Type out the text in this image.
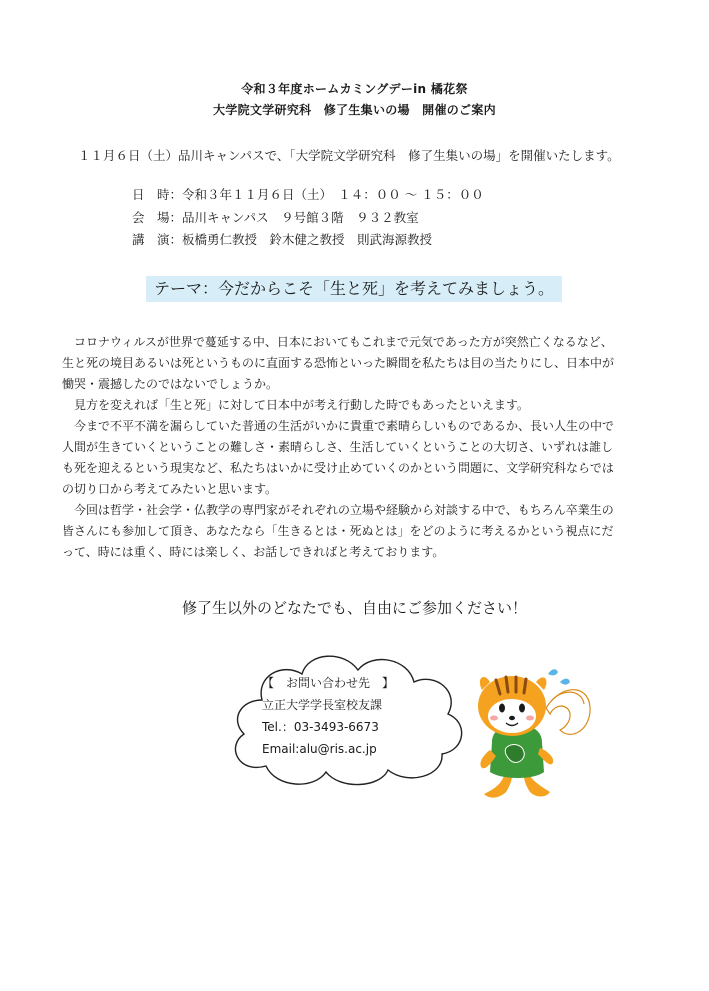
令和３年度ホームカミングデーin 橘花祭
大学院文学研究科　修了生集いの場　開催のご案内
１１月６日（土）品川キャンパスで、「大学院文学研究科　修了生集いの場」を開催いたします。
日　時：令和３年１１月６日（土）　１４：００ ～ １５：００
会　場：品川キャンパス　９号館３階　９３２教室
講　演：板橋勇仁教授　鈴木健之教授　則武海源教授
テーマ：今だからこそ「生と死」を考えてみましょう。

コロナウィルスが世界で蔓延する中、日本においてもこれまで元気であった方が突然亡くなるなど、

生と死の境目あるいは死というものに直面する恐怖といった瞬間を私たちは目の当たりにし、日本中が

慟哭・震撼したのではないでしょうか。

見方を変えれば「生と死」に対して日本中が考え行動した時でもあったといえます。

今まで不平不満を漏らしていた普通の生活がいかに貴重で素晴らしいものであるか、長い人生の中で

人間が生きていくということの難しさ・素晴らしさ、生活していくということの大切さ、いずれは誰し

も死を迎えるという現実など、私たちはいかに受け止めていくのかという問題に、文学研究科ならでは

の切り口から考えてみたいと思います。

今回は哲学・社会学・仏教学の専門家がそれぞれの立場や経験から対談する中で、もちろん卒業生の

皆さんにも参加して頂き、あなたなら「生きるとは・死ぬとは」をどのように考えるかという視点にだ

って、時には重く、時には楽しく、お話しできればと考えております。

修了生以外のどなたでも、自由にご参加ください！
【　お問い合わせ先　】
立正大学学長室校友課
Tel.：03-3493-6673
Email:alu@ris.ac.jp
